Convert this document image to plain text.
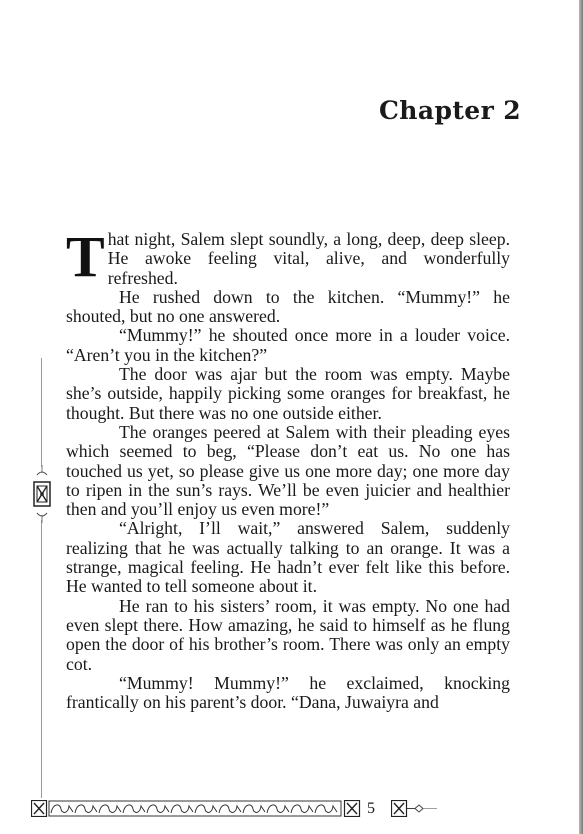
Chapter 2

That night, Salem slept soundly, a long, deep, deep sleep. He awoke feeling vital, alive, and wonderfully refreshed.

He rushed down to the kitchen. “Mummy!” he shouted, but no one answered.

“Mummy!” he shouted once more in a louder voice. “Aren’t you in the kitchen?”

The door was ajar but the room was empty. Maybe she’s outside, happily picking some oranges for breakfast, he thought. But there was no one outside either.

The oranges peered at Salem with their pleading eyes which seemed to beg, “Please don’t eat us. No one has touched us yet, so please give us one more day; one more day to ripen in the sun’s rays. We’ll be even juicier and healthier then and you’ll enjoy us even more!”

“Alright, I’ll wait,” answered Salem, suddenly realizing that he was actually talking to an orange. It was a strange, magical feeling. He hadn’t ever felt like this before. He wanted to tell someone about it.

He ran to his sisters’ room, it was empty. No one had even slept there. How amazing, he said to himself as he flung open the door of his brother’s room. There was only an empty cot.

“Mummy! Mummy!” he exclaimed, knocking frantically on his parent’s door. “Dana, Juwaiyra and

5
